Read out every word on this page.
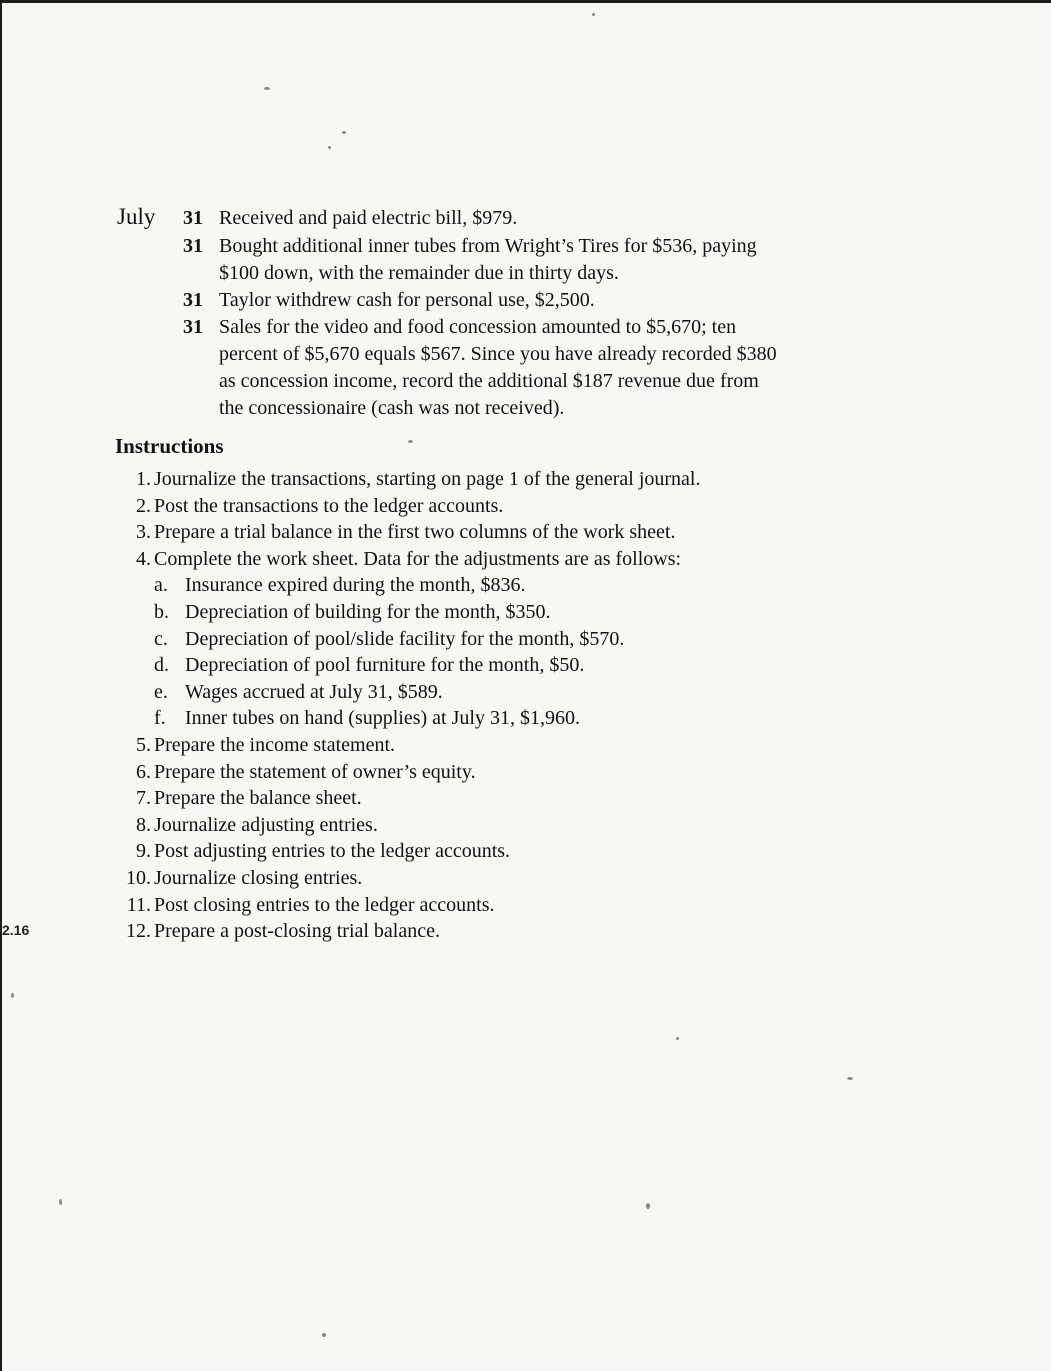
2.16
July 31 Received and paid electric bill, $979.
31 Bought additional inner tubes from Wright’s Tires for $536, paying
$100 down, with the remainder due in thirty days.
31 Taylor withdrew cash for personal use, $2,500.
31 Sales for the video and food concession amounted to $5,670; ten
percent of $5,670 equals $567. Since you have already recorded $380
as concession income, record the additional $187 revenue due from
the concessionaire (cash was not received).
Instructions
1. Journalize the transactions, starting on page 1 of the general journal.
2. Post the transactions to the ledger accounts.
3. Prepare a trial balance in the first two columns of the work sheet.
4. Complete the work sheet. Data for the adjustments are as follows:
a. Insurance expired during the month, $836.
b. Depreciation of building for the month, $350.
c. Depreciation of pool/slide facility for the month, $570.
d. Depreciation of pool furniture for the month, $50.
e. Wages accrued at July 31, $589.
f. Inner tubes on hand (supplies) at July 31, $1,960.
5. Prepare the income statement.
6. Prepare the statement of owner’s equity.
7. Prepare the balance sheet.
8. Journalize adjusting entries.
9. Post adjusting entries to the ledger accounts.
10. Journalize closing entries.
11. Post closing entries to the ledger accounts.
12. Prepare a post-closing trial balance.
